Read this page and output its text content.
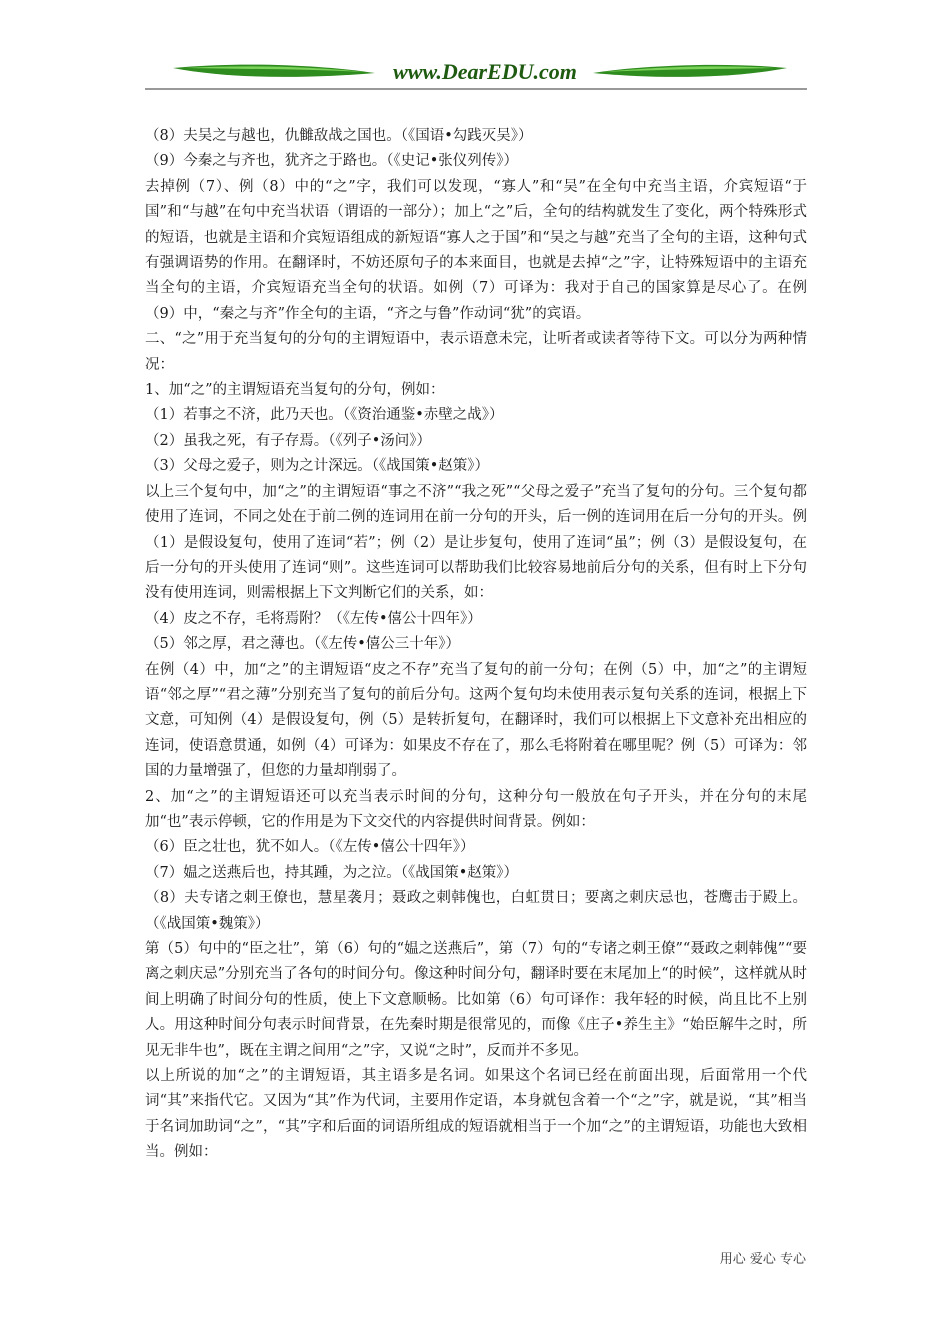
www.DearEDU.com

（8）夫吴之与越也，仇雠敌战之国也。（《国语•勾践灭吴》）

（9）今秦之与齐也，犹齐之于路也。（《史记•张仪列传》）

去掉例（7）、例（8）中的“之”字，我们可以发现，“寡人”和“吴”在全句中充当主语，介宾短语“于国”和“与越”在句中充当状语（谓语的一部分）；加上“之”后，全句的结构就发生了变化，两个特殊形式的短语，也就是主语和介宾短语组成的新短语“寡人之于国”和“吴之与越”充当了全句的主语，这种句式有强调语势的作用。在翻译时，不妨还原句子的本来面目，也就是去掉“之”字，让特殊短语中的主语充当全句的主语，介宾短语充当全句的状语。如例（7）可译为：我对于自己的国家算是尽心了。在例（9）中，“秦之与齐”作全句的主语，“齐之与鲁”作动词“犹”的宾语。

二、“之”用于充当复句的分句的主谓短语中，表示语意未完，让听者或读者等待下文。可以分为两种情况：

1、加“之”的主谓短语充当复句的分句，例如：

（1）若事之不济，此乃天也。（《资治通鉴•赤壁之战》）

（2）虽我之死，有子存焉。（《列子•汤问》）

（3）父母之爱子，则为之计深远。（《战国策•赵策》）

以上三个复句中，加“之”的主谓短语“事之不济”“我之死”“父母之爱子”充当了复句的分句。三个复句都使用了连词，不同之处在于前二例的连词用在前一分句的开头，后一例的连词用在后一分句的开头。例（1）是假设复句，使用了连词“若”；例（2）是让步复句，使用了连词“虽”；例（3）是假设复句，在后一分句的开头使用了连词“则”。这些连词可以帮助我们比较容易地前后分句的关系，但有时上下分句没有使用连词，则需根据上下文判断它们的关系，如：

（4）皮之不存，毛将焉附？（《左传•僖公十四年》）

（5）邻之厚，君之薄也。（《左传•僖公三十年》）

在例（4）中，加“之”的主谓短语“皮之不存”充当了复句的前一分句；在例（5）中，加“之”的主谓短语“邻之厚”“君之薄”分别充当了复句的前后分句。这两个复句均未使用表示复句关系的连词，根据上下文意，可知例（4）是假设复句，例（5）是转折复句，在翻译时，我们可以根据上下文意补充出相应的连词，使语意贯通，如例（4）可译为：如果皮不存在了，那么毛将附着在哪里呢？例（5）可译为：邻国的力量增强了，但您的力量却削弱了。

2、加“之”的主谓短语还可以充当表示时间的分句，这种分句一般放在句子开头，并在分句的末尾加“也”表示停顿，它的作用是为下文交代的内容提供时间背景。例如：

（6）臣之壮也，犹不如人。（《左传•僖公十四年》）

（7）媪之送燕后也，持其踵，为之泣。（《战国策•赵策》）

（8）夫专诸之刺王僚也，慧星袭月；聂政之刺韩傀也，白虹贯日；要离之刺庆忌也，苍鹰击于殿上。（《战国策•魏策》）

第（5）句中的“臣之壮”，第（6）句的“媪之送燕后”，第（7）句的“专诸之刺王僚”“聂政之刺韩傀”“要离之刺庆忌”分别充当了各句的时间分句。像这种时间分句，翻译时要在末尾加上“的时候”，这样就从时间上明确了时间分句的性质，使上下文意顺畅。比如第（6）句可译作：我年轻的时候，尚且比不上别人。用这种时间分句表示时间背景，在先秦时期是很常见的，而像《庄子•养生主》“始臣解牛之时，所见无非牛也”，既在主谓之间用“之”字，又说“之时”，反而并不多见。

以上所说的加“之”的主谓短语，其主语多是名词。如果这个名词已经在前面出现，后面常用一个代词“其”来指代它。又因为“其”作为代词，主要用作定语，本身就包含着一个“之”字，就是说，“其”相当于名词加助词“之”，“其”字和后面的词语所组成的短语就相当于一个加“之”的主谓短语，功能也大致相当。例如：

用心 爱心 专心
